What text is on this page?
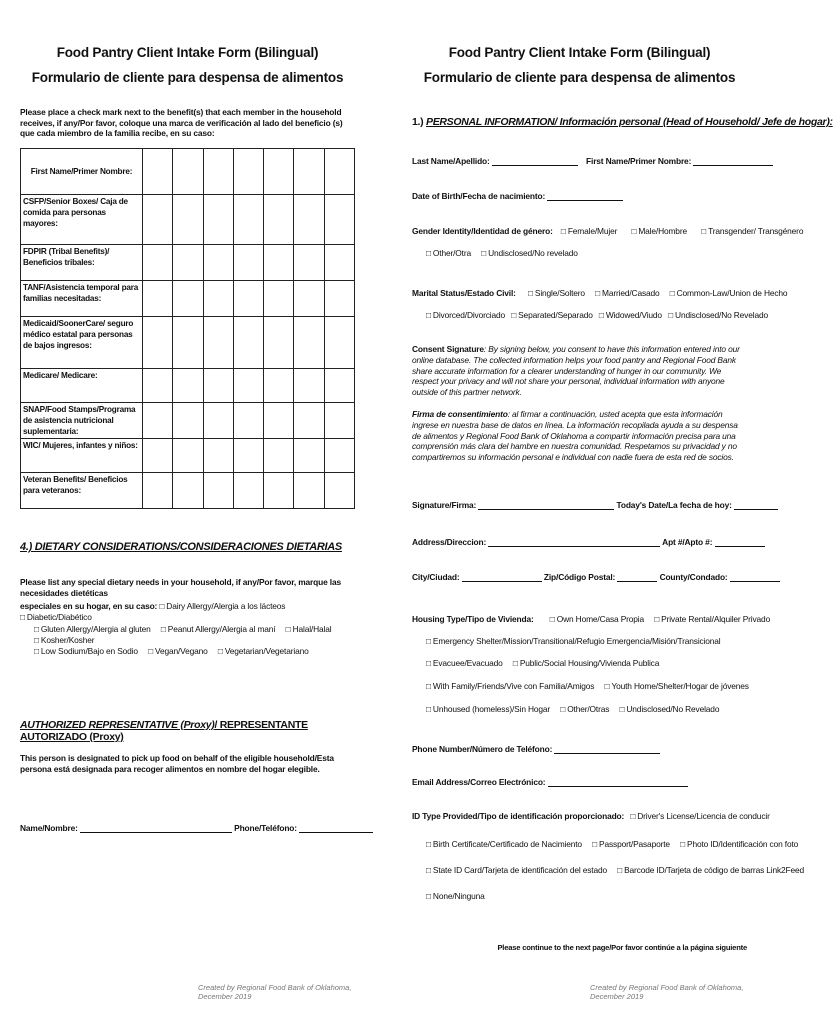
Food Pantry Client Intake Form (Bilingual)
Formulario de cliente para despensa de alimentos
Please place a check mark next to the benefit(s) that each member in the household receives, if any/Por favor, coloque una marca de verificación al lado del beneficio (s) que cada miembro de la familia recibe, en su caso:
First Name/Primer Nombre:							
CSFP/Senior Boxes/ Caja de comida para personas mayores:							
FDPIR (Tribal Benefits)/ Beneficios tribales:							
TANF/Asistencia temporal para familias necesitadas:							
Medicaid/SoonerCare/ seguro médico estatal para personas de bajos ingresos:							
Medicare/ Medicare:							
SNAP/Food Stamps/Programa de asistencia nutricional suplementaria:							
WIC/ Mujeres, infantes y niños:							
Veteran Benefits/ Beneficios para veteranos:							
4.) DIETARY CONSIDERATIONS/CONSIDERACIONES DIETARIAS
Please list any special dietary needs in your household, if any/Por favor, marque las necesidades dietéticas
especiales en su hogar, en su caso: □ Dairy Allergy/Alergia a los lácteos □ Diabetic/Diabético
□ Gluten Allergy/Alergia al gluten □ Peanut Allergy/Alergia al maní □ Halal/Halal □ Kosher/Kosher
□ Low Sodium/Bajo en Sodio □ Vegan/Vegano □ Vegetarian/Vegetariano
AUTHORIZED REPRESENTATIVE (Proxy)/ REPRESENTANTE AUTORIZADO (Proxy)
This person is designated to pick up food on behalf of the eligible household/Esta persona está designada para recoger alimentos en nombre del hogar elegible.
Name/Nombre:	Phone/Teléfono:
Created by Regional Food Bank of Oklahoma, December 2019
Food Pantry Client Intake Form (Bilingual)
Formulario de cliente para despensa de alimentos
1.) PERSONAL INFORMATION/ Información personal (Head of Household/ Jefe de hogar):
Last Name/Apellido:	First Name/Primer Nombre:
Date of Birth/Fecha de nacimiento:
Gender Identity/Identidad de género: □ Female/Mujer	□ Male/Hombre	□ Transgender/ Transgénero
□ Other/Otra □ Undisclosed/No revelado
Marital Status/Estado Civil: □ Single/Soltero □ Married/Casado □ Common-Law/Union de Hecho
□ Divorced/Divorciado □ Separated/Separado □ Widowed/Viudo □ Undisclosed/No Revelado
Consent Signature: By signing below, you consent to have this information entered into our online database. The collected information helps your food pantry and Regional Food Bank share accurate information for a clearer understanding of hunger in our community. We respect your privacy and will not share your personal, individual information with anyone outside of this partner network.
Firma de consentimiento: al firmar a continuación, usted acepta que esta información ingrese en nuestra base de datos en línea. La información recopilada ayuda a su despensa de alimentos y Regional Food Bank of Oklahoma a compartir información precisa para una comprensión más clara del hambre en nuestra comunidad. Respetamos su privacidad y no compartiremos su información personal e individual con nadie fuera de esta red de socios.
Signature/Firma:	Today's Date/La fecha de hoy:
Address/Direccion:	Apt #/Apto #:
City/Ciudad:	Zip/Código Postal:	County/Condado:
Housing Type/Tipo de Vivienda:	□ Own Home/Casa Propia □ Private Rental/Alquiler Privado
□ Emergency Shelter/Mission/Transitional/Refugio Emergencia/Misión/Transicional
□ Evacuee/Evacuado □ Public/Social Housing/Vivienda Publica
□ With Family/Friends/Vive con Familia/Amigos □ Youth Home/Shelter/Hogar de jóvenes
□ Unhoused (homeless)/Sin Hogar □ Other/Otras □ Undisclosed/No Revelado
Phone Number/Número de Teléfono:
Email Address/Correo Electrónico:
ID Type Provided/Tipo de identificación proporcionado: □ Driver's License/Licencia de conducir
□ Birth Certificate/Certificado de Nacimiento □ Passport/Pasaporte □ Photo ID/Identificación con foto
□ State ID Card/Tarjeta de identificación del estado □ Barcode ID/Tarjeta de código de barras Link2Feed
□ None/Ninguna
Please continue to the next page/Por favor continúe a la página siguiente
Created by Regional Food Bank of Oklahoma, December 2019
